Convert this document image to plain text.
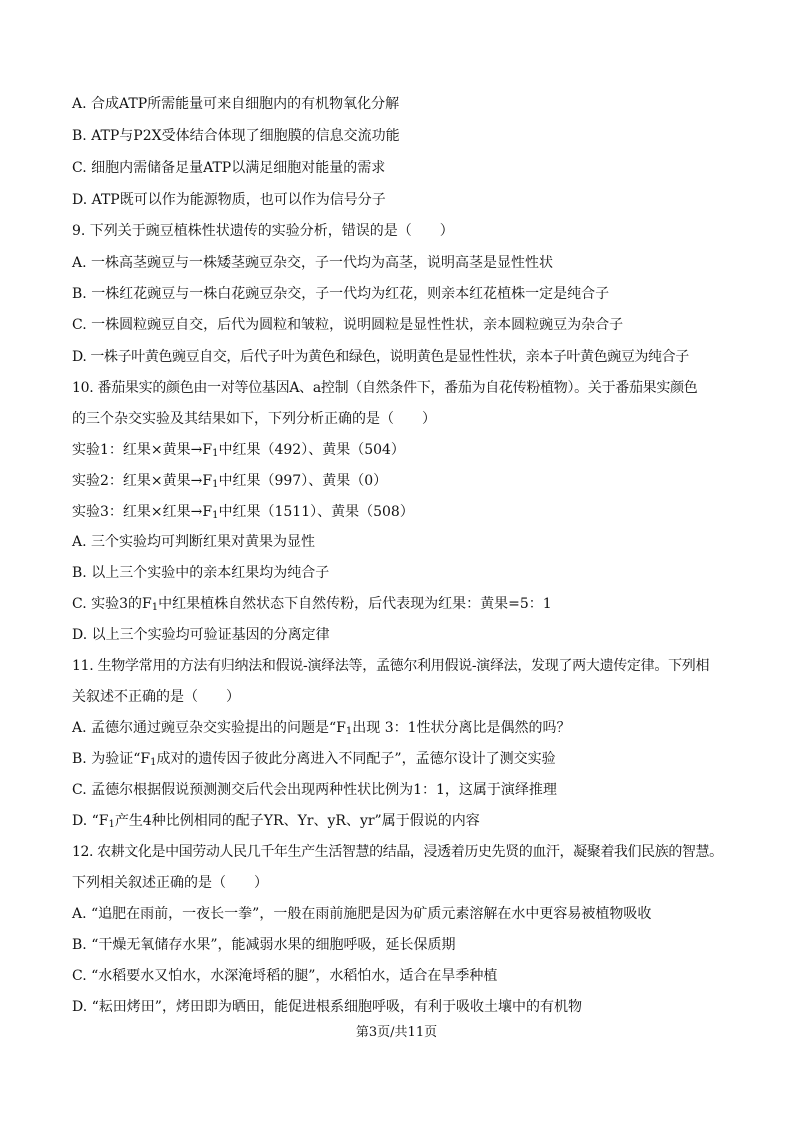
A. 合成ATP所需能量可来自细胞内的有机物氧化分解
B. ATP与P2X受体结合体现了细胞膜的信息交流功能
C. 细胞内需储备足量ATP以满足细胞对能量的需求
D. ATP既可以作为能源物质，也可以作为信号分子
9. 下列关于豌豆植株性状遗传的实验分析，错误的是（　　）
A. 一株高茎豌豆与一株矮茎豌豆杂交，子一代均为高茎，说明高茎是显性性状
B. 一株红花豌豆与一株白花豌豆杂交，子一代均为红花，则亲本红花植株一定是纯合子
C. 一株圆粒豌豆自交，后代为圆粒和皱粒，说明圆粒是显性性状，亲本圆粒豌豆为杂合子
D. 一株子叶黄色豌豆自交，后代子叶为黄色和绿色，说明黄色是显性性状，亲本子叶黄色豌豆为纯合子
10. 番茄果实的颜色由一对等位基因A、a控制（自然条件下，番茄为自花传粉植物）。关于番茄果实颜色
的三个杂交实验及其结果如下，下列分析正确的是（　　）
实验1：红果×黄果$\to F_1$中红果（492）、黄果（504）
实验2：红果×黄果$\to F_1$中红果（997）、黄果（0）
实验3：红果×红果$\to F_1$中红果（1511）、黄果（508）
A. 三个实验均可判断红果对黄果为显性
B. 以上三个实验中的亲本红果均为纯合子
C. 实验3的$F_1$中红果植株自然状态下自然传粉，后代表现为红果：黄果=5：1
D. 以上三个实验均可验证基因的分离定律
11. 生物学常用的方法有归纳法和假说-演绎法等，孟德尔利用假说-演绎法，发现了两大遗传定律。下列相
关叙述不正确的是（　　）
A. 孟德尔通过豌豆杂交实验提出的问题是“$F_1$出现 3：1性状分离比是偶然的吗？
B. 为验证“$F_1$成对的遗传因子彼此分离进入不同配子”，孟德尔设计了测交实验
C. 孟德尔根据假说预测测交后代会出现两种性状比例为1：1，这属于演绎推理
D. “$F_1$产生4种比例相同的配子YR、Yr、yR、yr”属于假说的内容
12. 农耕文化是中国劳动人民几千年生产生活智慧的结晶，浸透着历史先贤的血汗，凝聚着我们民族的智慧。
下列相关叙述正确的是（　　）
A. “追肥在雨前，一夜长一拳”，一般在雨前施肥是因为矿质元素溶解在水中更容易被植物吸收
B. “干燥无氧储存水果”，能减弱水果的细胞呼吸，延长保质期
C. “水稻要水又怕水，水深淹埒稻的腿”，水稻怕水，适合在旱季种植
D. “耘田烤田”，烤田即为晒田，能促进根系细胞呼吸，有利于吸收土壤中的有机物
第3页/共11页
